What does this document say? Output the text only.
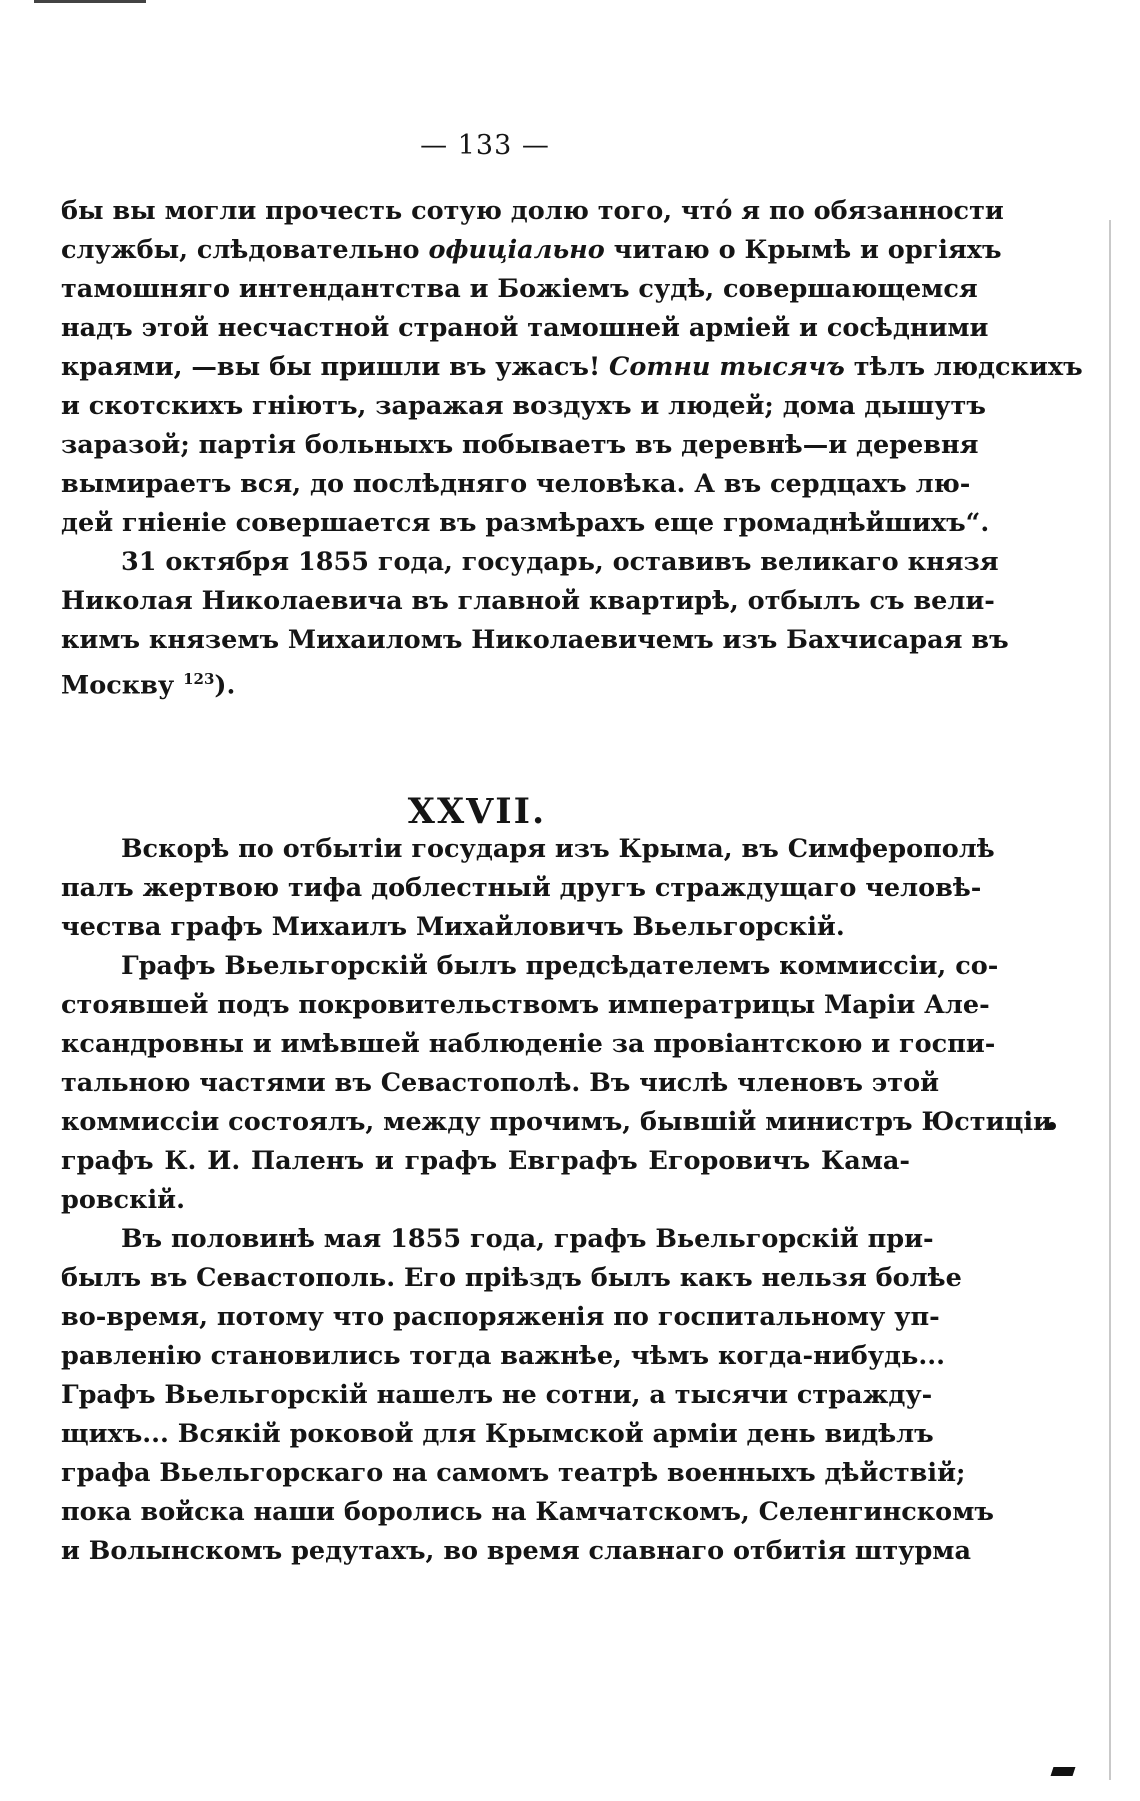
— 133 —
бы вы могли прочесть сотую долю того, что́ я по обязанности
службы, слѣдовательно офиціально читаю о Крымѣ и оргіяхъ
тамошняго интендантства и Божіемъ судѣ, совершающемся
надъ этой несчастной страной тамошней арміей и сосѣдними
краями, —вы бы пришли въ ужасъ! Сотни тысячъ тѣлъ людскихъ
и скотскихъ гніютъ, заражая воздухъ и людей; дома дышутъ
заразой; партія больныхъ побываетъ въ деревнѣ—и деревня
вымираетъ вся, до послѣдняго человѣка. А въ сердцахъ лю-
дей гніеніе совершается въ размѣрахъ еще громаднѣйшихъ“.
31 октября 1855 года, государь, оставивъ великаго князя
Николая Николаевича въ главной квартирѣ, отбылъ съ вели-
кимъ княземъ Михаиломъ Николаевичемъ изъ Бахчисарая въ
Москву $^{123}$).
XXVII.
Вскорѣ по отбытіи государя изъ Крыма, въ Симферополѣ
палъ жертвою тифа доблестный другъ страждущаго человѣ-
чества графъ Михаилъ Михайловичъ Вьельгорскій.
Графъ Вьельгорскій былъ предсѣдателемъ коммиссіи, со-
стоявшей подъ покровительствомъ императрицы Маріи Але-
ксандровны и имѣвшей наблюденіе за провіантскою и госпи-
тальною частями въ Севастополѣ. Въ числѣ членовъ этой
коммиссіи состоялъ, между прочимъ, бывшій министръ Юстиціи
графъ К. И. Паленъ и графъ Евграфъ Егоровичъ Кама-
ровскій.
Въ половинѣ мая 1855 года, графъ Вьельгорскій при-
былъ въ Севастополь. Его пріѣздъ былъ какъ нельзя болѣе
во-время, потому что распоряженія по госпитальному уп-
равленію становились тогда важнѣе, чѣмъ когда-нибудь...
Графъ Вьельгорскій нашелъ не сотни, а тысячи стражду-
щихъ... Всякій роковой для Крымской арміи день видѣлъ
графа Вьельгорскаго на самомъ театрѣ военныхъ дѣйствій;
пока войска наши боролись на Камчатскомъ, Селенгинскомъ
и Волынскомъ редутахъ, во время славнаго отбитія штурма
